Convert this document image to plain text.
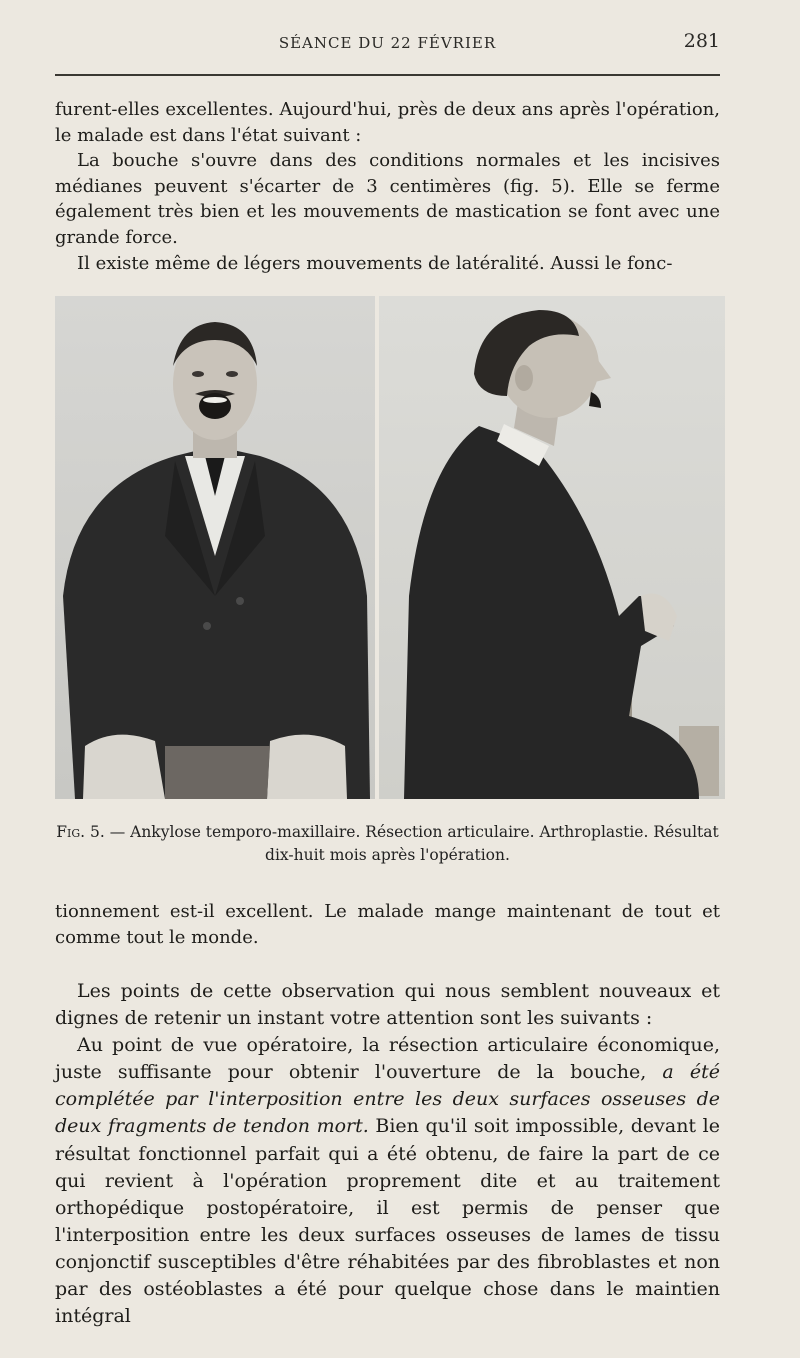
SÉANCE DU 22 FÉVRIER	281

furent-elles excellentes. Aujourd'hui, près de deux ans après l'opération, le malade est dans l'état suivant :

La bouche s'ouvre dans des conditions normales et les incisives médianes peuvent s'écarter de 3 centimères (fig. 5). Elle se ferme également très bien et les mouvements de mastication se font avec une grande force.

Il existe même de légers mouvements de latéralité. Aussi le fonc-

Fig. 5. — Ankylose temporo-maxillaire. Résection articulaire. Arthroplastie. Résultat dix-huit mois après l'opération.

tionnement est-il excellent. Le malade mange maintenant de tout et comme tout le monde.

Les points de cette observation qui nous semblent nouveaux et dignes de retenir un instant votre attention sont les suivants :

Au point de vue opératoire, la résection articulaire économique, juste suffisante pour obtenir l'ouverture de la bouche, a été complétée par l'interposition entre les deux surfaces osseuses de deux fragments de tendon mort. Bien qu'il soit impossible, devant le résultat fonctionnel parfait qui a été obtenu, de faire la part de ce qui revient à l'opération proprement dite et au traitement orthopédique postopératoire, il est permis de penser que l'interposition entre les deux surfaces osseuses de lames de tissu conjonctif susceptibles d'être réhabitées par des fibroblastes et non par des ostéoblastes a été pour quelque chose dans le maintien intégral
